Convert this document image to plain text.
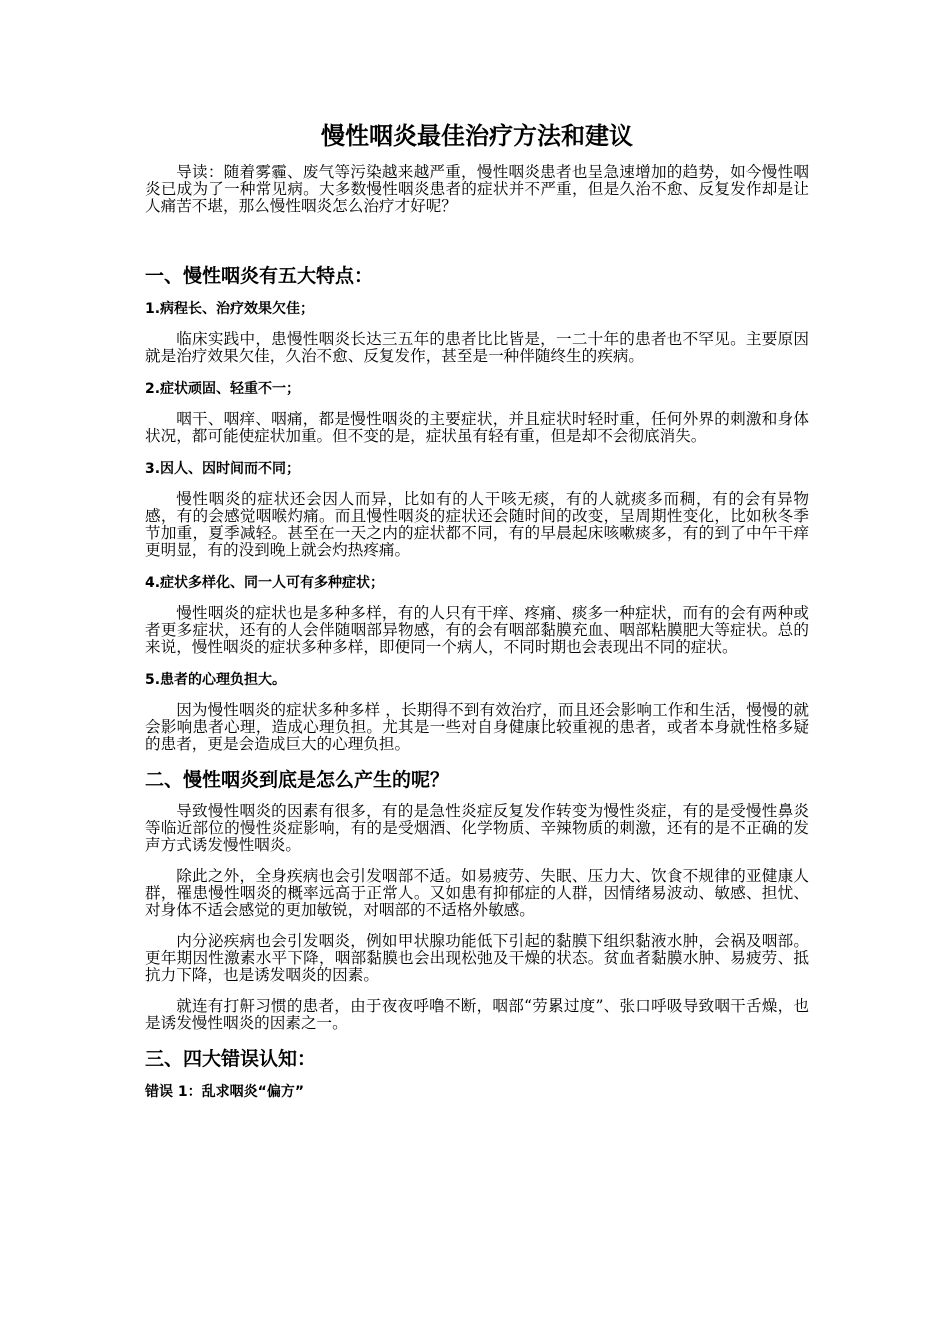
慢性咽炎最佳治疗方法和建议

导读：随着雾霾、废气等污染越来越严重，慢性咽炎患者也呈急速增加的趋势，如今慢性咽炎已成为了一种常见病。大多数慢性咽炎患者的症状并不严重，但是久治不愈、反复发作却是让人痛苦不堪，那么慢性咽炎怎么治疗才好呢？

一、慢性咽炎有五大特点：
1.病程长、治疗效果欠佳；

临床实践中，患慢性咽炎长达三五年的患者比比皆是，一二十年的患者也不罕见。主要原因就是治疗效果欠佳，久治不愈、反复发作，甚至是一种伴随终生的疾病。

2.症状顽固、轻重不一；

咽干、咽痒、咽痛，都是慢性咽炎的主要症状，并且症状时轻时重，任何外界的刺激和身体状况，都可能使症状加重。但不变的是，症状虽有轻有重，但是却不会彻底消失。

3.因人、因时间而不同；

慢性咽炎的症状还会因人而异，比如有的人干咳无痰，有的人就痰多而稠，有的会有异物感，有的会感觉咽喉灼痛。而且慢性咽炎的症状还会随时间的改变，呈周期性变化，比如秋冬季节加重，夏季减轻。甚至在一天之内的症状都不同，有的早晨起床咳嗽痰多，有的到了中午干痒更明显，有的没到晚上就会灼热疼痛。

4.症状多样化、同一人可有多种症状；

慢性咽炎的症状也是多种多样，有的人只有干痒、疼痛、痰多一种症状，而有的会有两种或者更多症状，还有的人会伴随咽部异物感，有的会有咽部黏膜充血、咽部粘膜肥大等症状。总的来说，慢性咽炎的症状多种多样，即便同一个病人，不同时期也会表现出不同的症状。

5.患者的心理负担大。

因为慢性咽炎的症状多种多样 ，长期得不到有效治疗，而且还会影响工作和生活，慢慢的就会影响患者心理，造成心理负担。尤其是一些对自身健康比较重视的患者，或者本身就性格多疑的患者，更是会造成巨大的心理负担。

二、慢性咽炎到底是怎么产生的呢？

导致慢性咽炎的因素有很多，有的是急性炎症反复发作转变为慢性炎症，有的是受慢性鼻炎等临近部位的慢性炎症影响，有的是受烟酒、化学物质、辛辣物质的刺激，还有的是不正确的发声方式诱发慢性咽炎。

除此之外，全身疾病也会引发咽部不适。如易疲劳、失眠、压力大、饮食不规律的亚健康人群，罹患慢性咽炎的概率远高于正常人。又如患有抑郁症的人群，因情绪易波动、敏感、担忧、对身体不适会感觉的更加敏锐，对咽部的不适格外敏感。

内分泌疾病也会引发咽炎，例如甲状腺功能低下引起的黏膜下组织黏液水肿，会祸及咽部。更年期因性激素水平下降，咽部黏膜也会出现松弛及干燥的状态。贫血者黏膜水肿、易疲劳、抵抗力下降，也是诱发咽炎的因素。

就连有打鼾习惯的患者，由于夜夜呼噜不断，咽部“劳累过度”、张口呼吸导致咽干舌燥，也是诱发慢性咽炎的因素之一。

三、四大错误认知：
错误 1：乱求咽炎“偏方”
